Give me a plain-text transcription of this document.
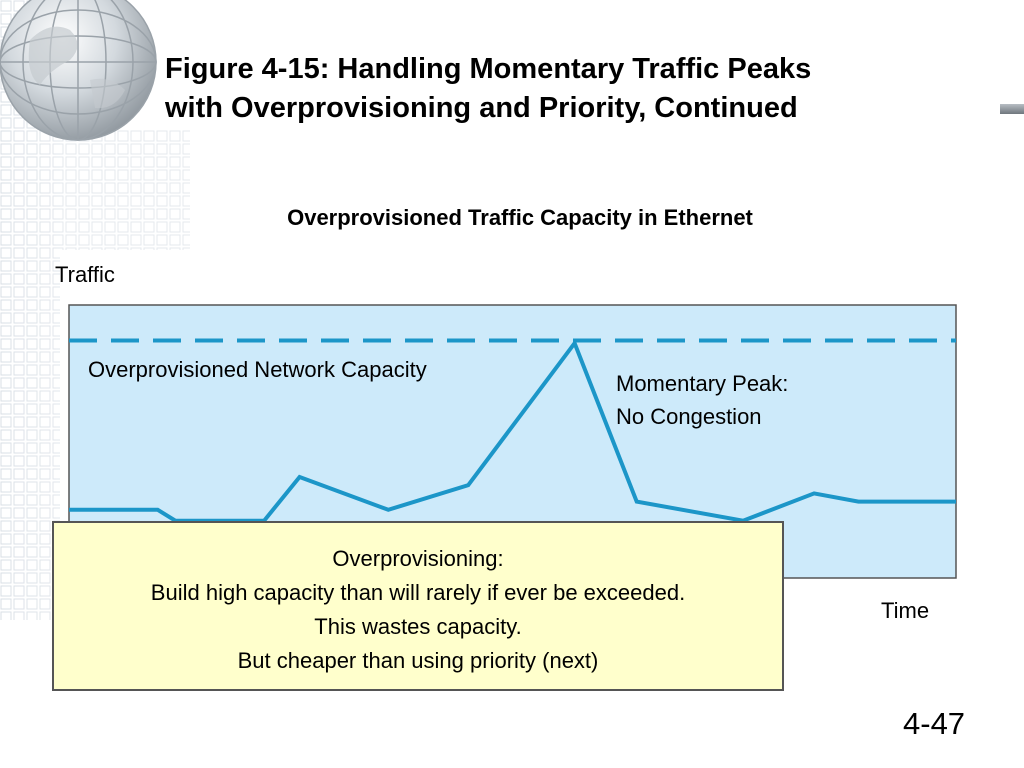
Figure 4-15: Handling Momentary Traffic Peaks
with Overprovisioning and Priority, Continued
Overprovisioned Traffic Capacity in Ethernet
Traffic
Overprovisioned Network Capacity
Momentary Peak:
No Congestion
Time
Overprovisioning:
Build high capacity than will rarely if ever be exceeded.
This wastes capacity.
But cheaper than using priority (next)
4-47
